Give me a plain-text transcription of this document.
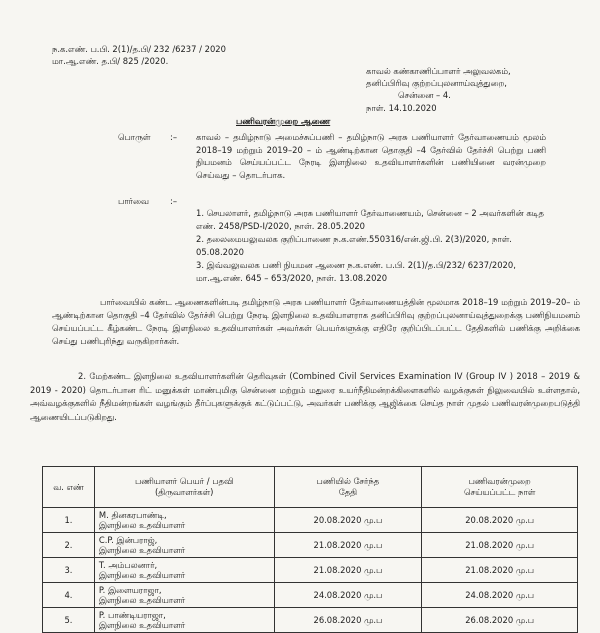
ந.க.எண். ப.பி. 2(1)/த.பி/ 232 /6237 / 2020
மா.ஆ.எண். த.பி/ 825 /2020.
காவல் கண்காணிப்பாளர் அலுவலகம்,
தனிப்பிரிவு குற்றப்புலனாய்வுத்துறை,
சென்னை – 4.
நாள். 14.10.2020
பணிவரன்முறை ஆணை
பொருள் :– காவல் – தமிழ்நாடு அமைச்சுப்பணி – தமிழ்நாடு அரசு பணியாளர் தேர்வாணையம் மூலம் 2018–19 மற்றும் 2019–20 – ம் ஆண்டிற்கான தொகுதி –4 தேர்வில் தேர்ச்சி பெற்று பணி நியமனம் செய்யப்பட்ட நேரடி இளநிலை உதவியாளர்களின் பணியினை வரன்முறை செய்வது – தொடர்பாக.
பார்வை	:–
1. செயலாளர், தமிழ்நாடு அரசு பணியாளர் தேர்வாணையம், சென்னை – 2 அவர்களின் கடித எண். 2458/PSD-I/2020, நாள். 28.05.2020
2. தலைமையலுவலக குறிப்பாணை ந.க.எண்.550316/என்.ஜி.பி. 2(3)/2020, நாள். 05.08.2020
3. இவ்வலுவலக பணி நியமன ஆணை ந.க.எண். ப.பி. 2(1)/த.பி/232/ 6237/2020, மா.ஆ.எண். 645 – 653/2020, நாள். 13.08.2020
பார்வையில் கண்ட ஆணைகளின்படி தமிழ்நாடு அரசு பணியாளர் தேர்வாணையத்தின் மூலமாக 2018–19 மற்றும் 2019–20– ம் ஆண்டிற்கான தொகுதி –4 தேர்வில் தேர்ச்சி பெற்று நேரடி இளநிலை உதவியாளராக தனிப்பிரிவு குற்றப்புலனாய்வுத்துறைக்கு பணிநியமனம் செய்யப்பட்ட கீழ்கண்ட நேரடி இளநிலை உதவியாளர்கள் அவர்கள் பெயர்களுக்கு எதிரே குறிப்பிடப்பட்ட தேதிகளில் பணிக்கு அறிக்கை செய்து பணிபுரிந்து வருகிறார்கள்.
2. மேற்கண்ட இளநிலை உதவியாளர்களின் தெரிவுகள் (Combined Civil Services Examination IV (Group IV ) 2018 – 2019 & 2019 - 2020) தொடர்பான ரிட் மனுக்கள் மாண்புமிகு சென்னை மற்றும் மதுரை உயர்நீதிமன்றக்கிளைகளில் வழக்குகள் நிலுவையில் உள்ளதால், அவ்வழக்குகளில் நீதிமன்றங்கள் வழங்கும் தீர்ப்புகளுக்குக் கட்டுப்பட்டு, அவர்கள் பணிக்கு ஆஜிக்கை செய்த நாள் முதல் பணிவரன்முறைபடுத்தி ஆணையிடப்படுகிறது.
வ. எண்	பணியாளர் பெயர் / பதவி
(திருவாளர்கள்)	பணியில் சேர்ந்த
தேதி	பணிவரன்முறை
செய்யப்பட்ட நாள்

1.	M. தினகரபாண்டி,
இளநிலை உதவியாளர்	20.08.2020 மு.ப	20.08.2020 மு.ப
2.	C.P. இன்பராஜ்,
இளநிலை உதவியாளர்	21.08.2020 மு.ப	21.08.2020 மு.ப
3.	T. அம்பலனார்,
இளநிலை உதவியாளர்	21.08.2020 மு.ப	21.08.2020 மு.ப
4.	P. இளையராஜா,
இளநிலை உதவியாளர்	24.08.2020 மு.ப	24.08.2020 மு.ப
5.	P. பாண்டியராஜா,
இளநிலை உதவியாளர்	26.08.2020 மு.ப	26.08.2020 மு.ப
